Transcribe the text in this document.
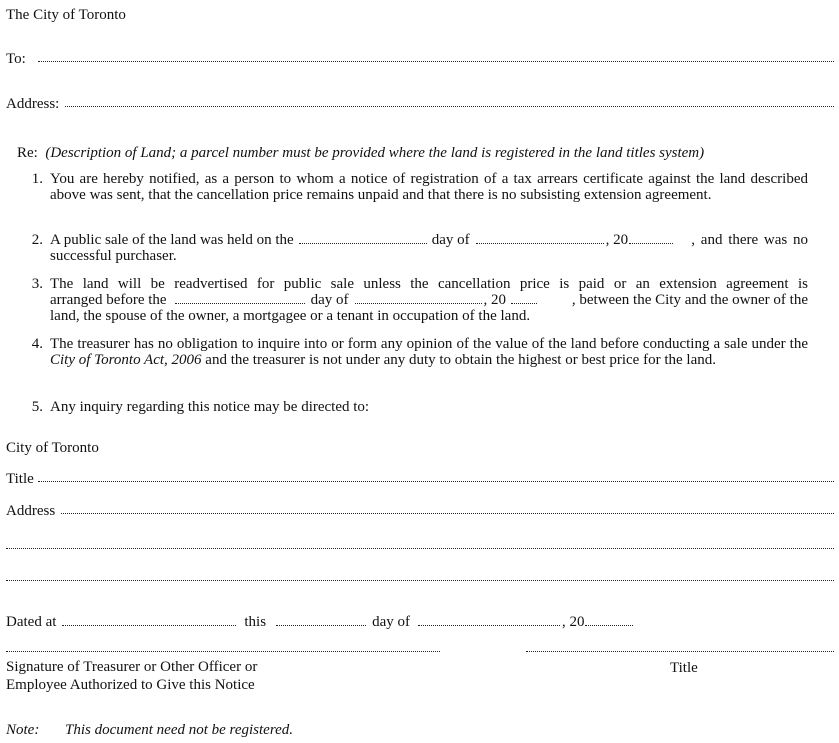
The City of Toronto
To:
Address:
Re: (Description of Land; a parcel number must be provided where the land is registered in the land titles system)
1. You are hereby notified, as a person to whom a notice of registration of a tax arrears certificate against the land described above was sent, that the cancellation price remains unpaid and that there is no subsisting extension agreement.
2. A public sale of the land was held on the	day of	, 20	, and there was no
successful purchaser.
3. The land will be readvertised for public sale unless the cancellation price is paid or an extension agreement is
arranged before the	day of	, 20	, between the City and the owner of the
land, the spouse of the owner, a mortgagee or a tenant in occupation of the land.
4. The treasurer has no obligation to inquire into or form any opinion of the value of the land before conducting a sale under the City of Toronto Act, 2006 and the treasurer is not under any duty to obtain the highest or best price for the land.
5. Any inquiry regarding this notice may be directed to:
City of Toronto
Title
Address
Dated at	this	day of	, 20
Signature of Treasurer or Other Officer or
Employee Authorized to Give this Notice
Title
Note: This document need not be registered.
